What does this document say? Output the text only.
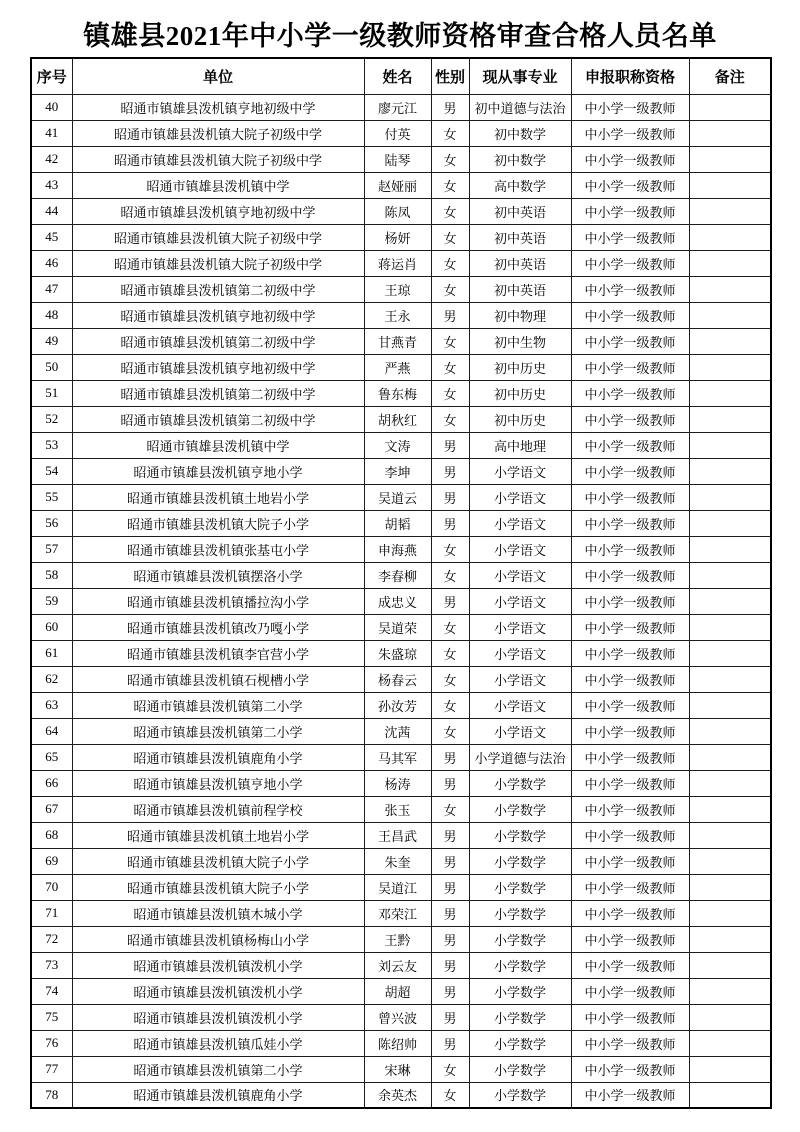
镇雄县2021年中小学一级教师资格审查合格人员名单
序号	单位	姓名	性别	现从事专业	申报职称资格	备注
40	昭通市镇雄县泼机镇亨地初级中学	廖元江	男	初中道德与法治	中小学一级教师	
41	昭通市镇雄县泼机镇大院子初级中学	付英	女	初中数学	中小学一级教师	
42	昭通市镇雄县泼机镇大院子初级中学	陆琴	女	初中数学	中小学一级教师	
43	昭通市镇雄县泼机镇中学	赵娅丽	女	高中数学	中小学一级教师	
44	昭通市镇雄县泼机镇亨地初级中学	陈凤	女	初中英语	中小学一级教师	
45	昭通市镇雄县泼机镇大院子初级中学	杨妍	女	初中英语	中小学一级教师	
46	昭通市镇雄县泼机镇大院子初级中学	蒋运肖	女	初中英语	中小学一级教师	
47	昭通市镇雄县泼机镇第二初级中学	王琼	女	初中英语	中小学一级教师	
48	昭通市镇雄县泼机镇亨地初级中学	王永	男	初中物理	中小学一级教师	
49	昭通市镇雄县泼机镇第二初级中学	甘燕青	女	初中生物	中小学一级教师	
50	昭通市镇雄县泼机镇亨地初级中学	严燕	女	初中历史	中小学一级教师	
51	昭通市镇雄县泼机镇第二初级中学	鲁东梅	女	初中历史	中小学一级教师	
52	昭通市镇雄县泼机镇第二初级中学	胡秋红	女	初中历史	中小学一级教师	
53	昭通市镇雄县泼机镇中学	文涛	男	高中地理	中小学一级教师	
54	昭通市镇雄县泼机镇亨地小学	李坤	男	小学语文	中小学一级教师	
55	昭通市镇雄县泼机镇土地岩小学	吴道云	男	小学语文	中小学一级教师	
56	昭通市镇雄县泼机镇大院子小学	胡韬	男	小学语文	中小学一级教师	
57	昭通市镇雄县泼机镇张基屯小学	申海燕	女	小学语文	中小学一级教师	
58	昭通市镇雄县泼机镇摆洛小学	李春柳	女	小学语文	中小学一级教师	
59	昭通市镇雄县泼机镇播拉沟小学	成忠义	男	小学语文	中小学一级教师	
60	昭通市镇雄县泼机镇改乃嘎小学	吴道荣	女	小学语文	中小学一级教师	
61	昭通市镇雄县泼机镇李官营小学	朱盛琼	女	小学语文	中小学一级教师	
62	昭通市镇雄县泼机镇石枧槽小学	杨春云	女	小学语文	中小学一级教师	
63	昭通市镇雄县泼机镇第二小学	孙汝芳	女	小学语文	中小学一级教师	
64	昭通市镇雄县泼机镇第二小学	沈茜	女	小学语文	中小学一级教师	
65	昭通市镇雄县泼机镇鹿角小学	马其军	男	小学道德与法治	中小学一级教师	
66	昭通市镇雄县泼机镇亨地小学	杨涛	男	小学数学	中小学一级教师	
67	昭通市镇雄县泼机镇前程学校	张玉	女	小学数学	中小学一级教师	
68	昭通市镇雄县泼机镇土地岩小学	王昌武	男	小学数学	中小学一级教师	
69	昭通市镇雄县泼机镇大院子小学	朱奎	男	小学数学	中小学一级教师	
70	昭通市镇雄县泼机镇大院子小学	吴道江	男	小学数学	中小学一级教师	
71	昭通市镇雄县泼机镇木城小学	邓荣江	男	小学数学	中小学一级教师	
72	昭通市镇雄县泼机镇杨梅山小学	王黔	男	小学数学	中小学一级教师	
73	昭通市镇雄县泼机镇泼机小学	刘云友	男	小学数学	中小学一级教师	
74	昭通市镇雄县泼机镇泼机小学	胡超	男	小学数学	中小学一级教师	
75	昭通市镇雄县泼机镇泼机小学	曾兴波	男	小学数学	中小学一级教师	
76	昭通市镇雄县泼机镇瓜娃小学	陈绍帅	男	小学数学	中小学一级教师	
77	昭通市镇雄县泼机镇第二小学	宋琳	女	小学数学	中小学一级教师	
78	昭通市镇雄县泼机镇鹿角小学	余英杰	女	小学数学	中小学一级教师	
